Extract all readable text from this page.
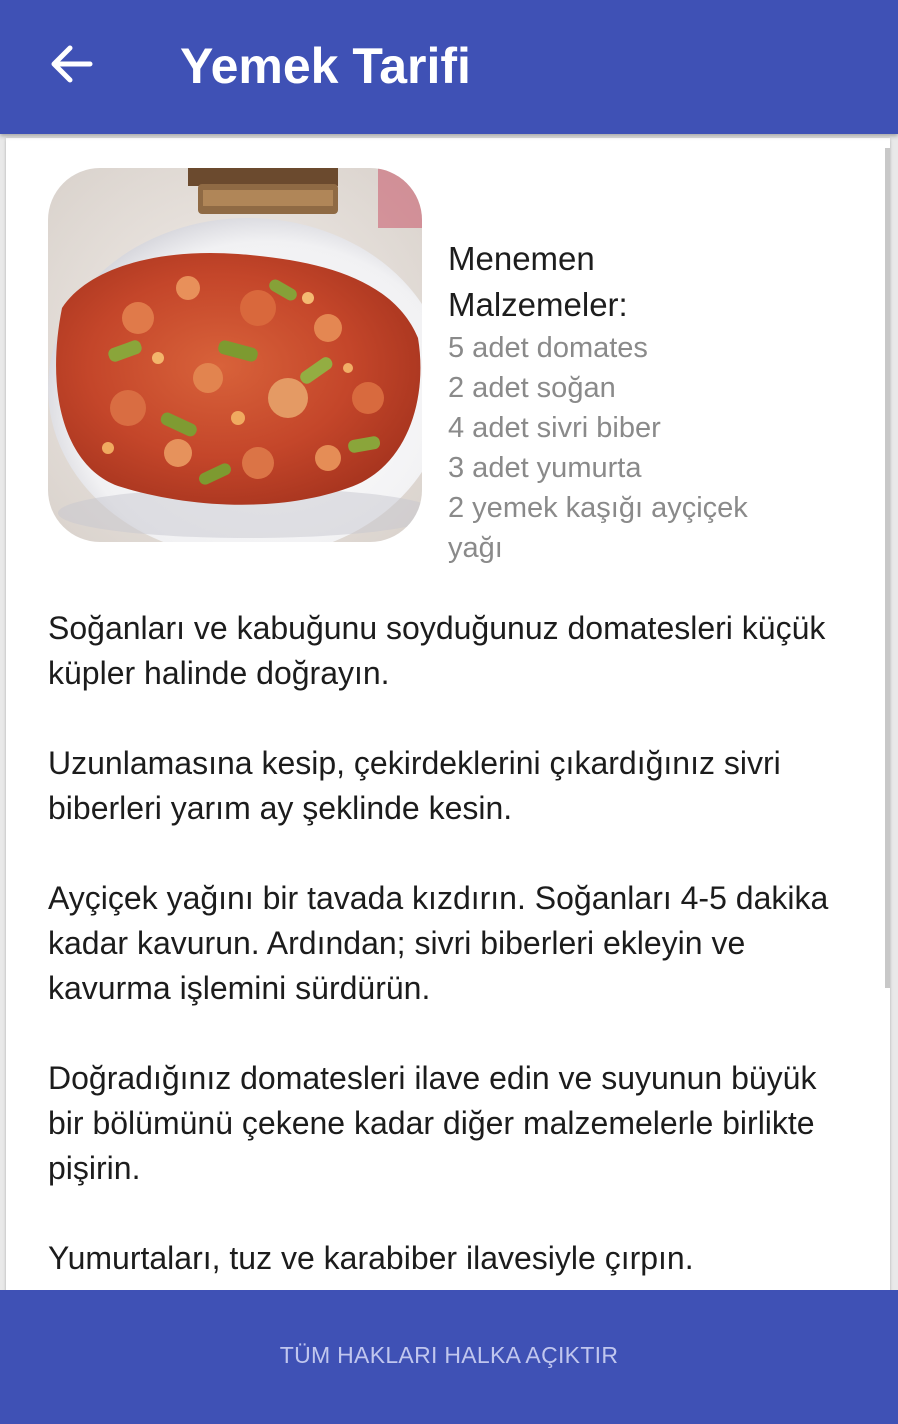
Yemek Tarifi
Menemen
Malzemeler:
5 adet domates
2 adet soğan
4 adet sivri biber
3 adet yumurta
2 yemek kaşığı ayçiçek yağı

Soğanları ve kabuğunu soyduğunuz domatesleri küçük küpler halinde doğrayın.

Uzunlamasına kesip, çekirdeklerini çıkardığınız sivri biberleri yarım ay şeklinde kesin.

Ayçiçek yağını bir tavada kızdırın. Soğanları 4-5 dakika kadar kavurun. Ardından; sivri biberleri ekleyin ve kavurma işlemini sürdürün.

Doğradığınız domatesleri ilave edin ve suyunun büyük bir bölümünü çekene kadar diğer malzemelerle birlikte pişirin.

Yumurtaları, tuz ve karabiber ilavesiyle çırpın.

TÜM HAKLARI HALKA AÇIKTIR
